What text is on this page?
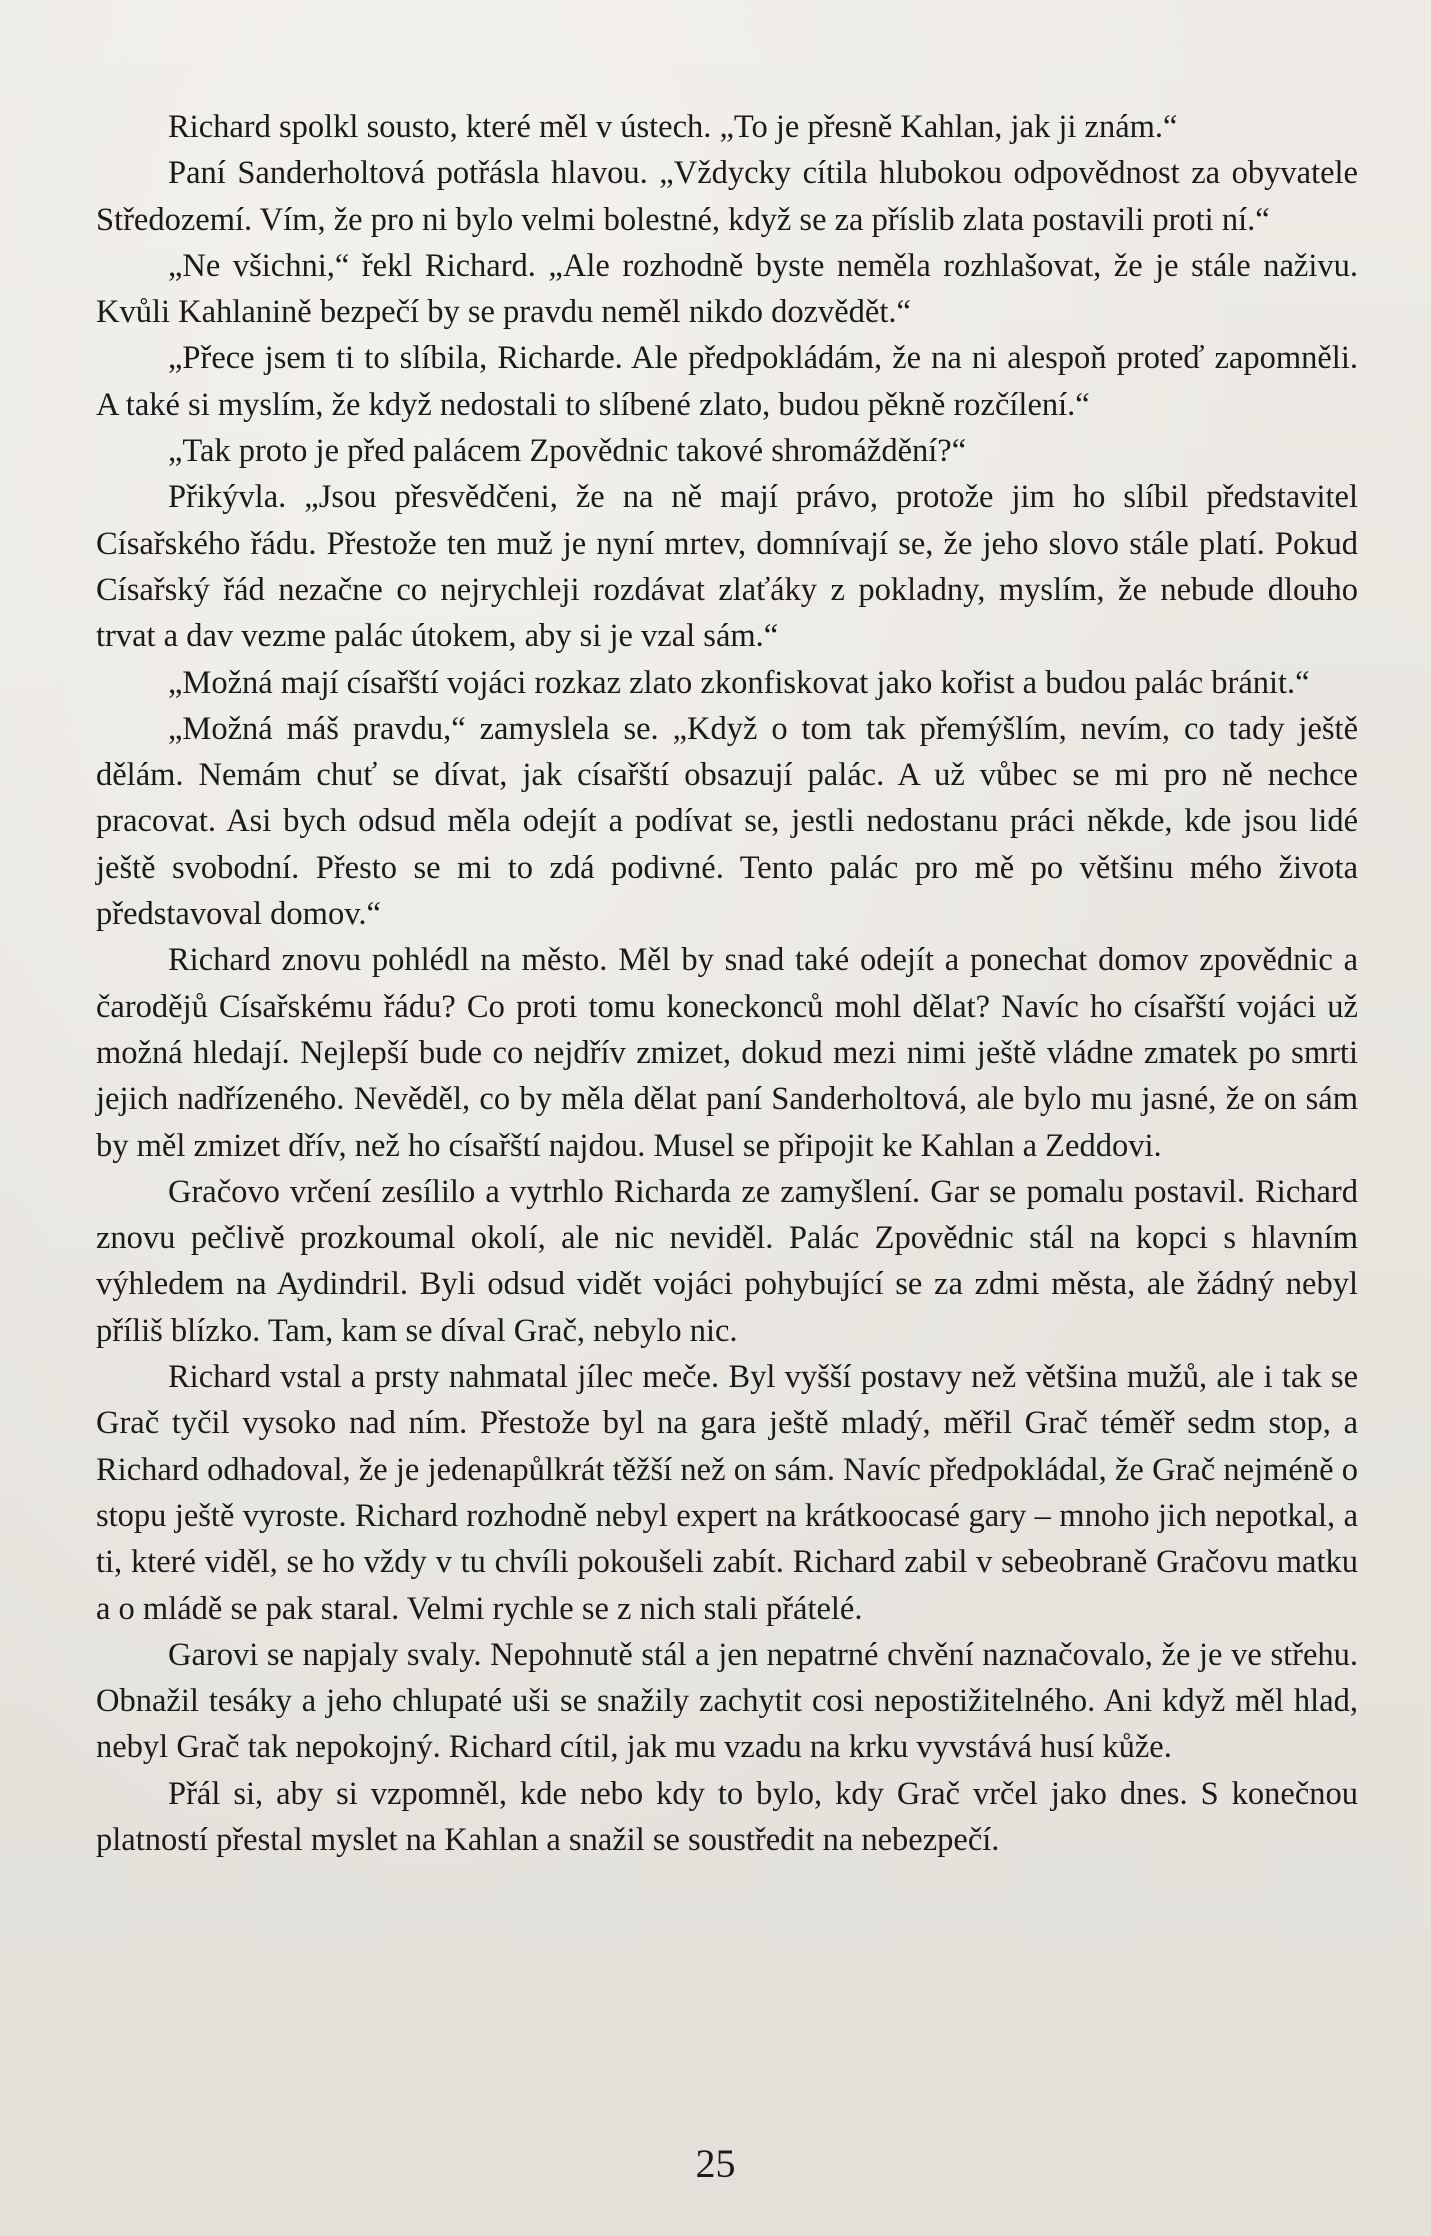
Richard spolkl sousto, které měl v ústech. „To je přesně Kahlan, jak ji znám.“

Paní Sanderholtová potřásla hlavou. „Vždycky cítila hlubokou odpovědnost za obyvatele Středozemí. Vím, že pro ni bylo velmi bolestné, když se za příslib zlata postavili proti ní.“

„Ne všichni,“ řekl Richard. „Ale rozhodně byste neměla rozhlašovat, že je stále naživu. Kvůli Kahlanině bezpečí by se pravdu neměl nikdo dozvědět.“

„Přece jsem ti to slíbila, Richarde. Ale předpokládám, že na ni alespoň proteď zapomněli. A také si myslím, že když nedostali to slíbené zlato, budou pěkně rozčílení.“

„Tak proto je před palácem Zpovědnic takové shromáždění?“

Přikývla. „Jsou přesvědčeni, že na ně mají právo, protože jim ho slíbil představitel Císařského řádu. Přestože ten muž je nyní mrtev, domnívají se, že jeho slovo stále platí. Pokud Císařský řád nezačne co nejrychleji rozdávat zlaťáky z pokladny, myslím, že nebude dlouho trvat a dav vezme palác útokem, aby si je vzal sám.“

„Možná mají císařští vojáci rozkaz zlato zkonfiskovat jako kořist a budou palác bránit.“

„Možná máš pravdu,“ zamyslela se. „Když o tom tak přemýšlím, nevím, co tady ještě dělám. Nemám chuť se dívat, jak císařští obsazují palác. A už vůbec se mi pro ně nechce pracovat. Asi bych odsud měla odejít a podívat se, jestli nedostanu práci někde, kde jsou lidé ještě svobodní. Přesto se mi to zdá podivné. Tento palác pro mě po většinu mého života představoval domov.“

Richard znovu pohlédl na město. Měl by snad také odejít a ponechat domov zpovědnic a čarodějů Císařskému řádu? Co proti tomu koneckonců mohl dělat? Navíc ho císařští vojáci už možná hledají. Nejlepší bude co nejdřív zmizet, dokud mezi nimi ještě vládne zmatek po smrti jejich nadřízeného. Nevěděl, co by měla dělat paní Sanderholtová, ale bylo mu jasné, že on sám by měl zmizet dřív, než ho císařští najdou. Musel se připojit ke Kahlan a Zeddovi.

Gračovo vrčení zesílilo a vytrhlo Richarda ze zamyšlení. Gar se pomalu postavil. Richard znovu pečlivě prozkoumal okolí, ale nic neviděl. Palác Zpovědnic stál na kopci s hlavním výhledem na Aydindril. Byli odsud vidět vojáci pohybující se za zdmi města, ale žádný nebyl příliš blízko. Tam, kam se díval Grač, nebylo nic.

Richard vstal a prsty nahmatal jílec meče. Byl vyšší postavy než většina mužů, ale i tak se Grač tyčil vysoko nad ním. Přestože byl na gara ještě mladý, měřil Grač téměř sedm stop, a Richard odhadoval, že je jedenapůlkrát těžší než on sám. Navíc předpokládal, že Grač nejméně o stopu ještě vyroste. Richard rozhodně nebyl expert na krátkoocasé gary – mnoho jich nepotkal, a ti, které viděl, se ho vždy v tu chvíli pokoušeli zabít. Richard zabil v sebeobraně Gračovu matku a o mládě se pak staral. Velmi rychle se z nich stali přátelé.

Garovi se napjaly svaly. Nepohnutě stál a jen nepatrné chvění naznačovalo, že je ve střehu. Obnažil tesáky a jeho chlupaté uši se snažily zachytit cosi nepostižitelného. Ani když měl hlad, nebyl Grač tak nepokojný. Richard cítil, jak mu vzadu na krku vyvstává husí kůže.

Přál si, aby si vzpomněl, kde nebo kdy to bylo, kdy Grač vrčel jako dnes. S konečnou platností přestal myslet na Kahlan a snažil se soustředit na nebezpečí.

25
